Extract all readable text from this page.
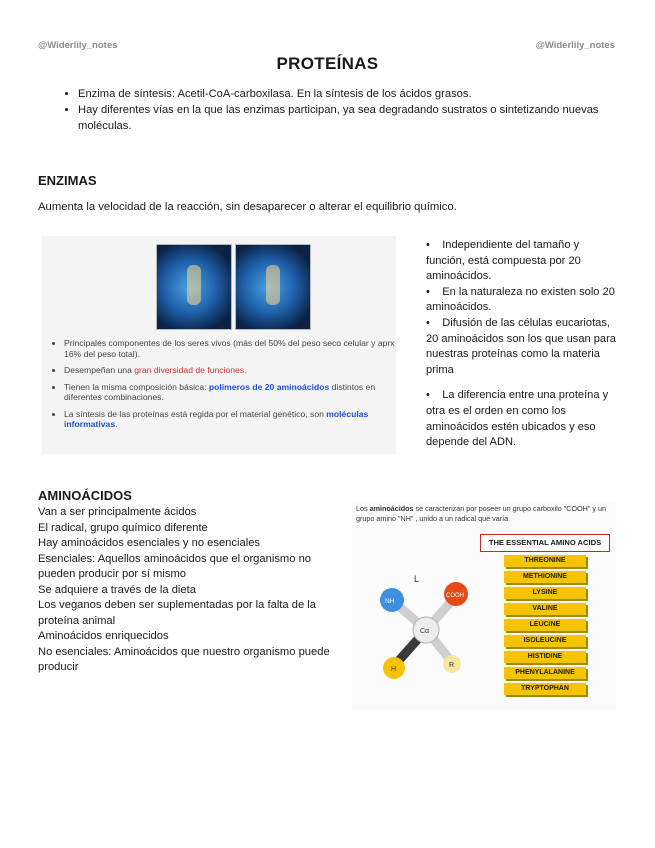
@Widerlily_notes	@Widerlily_notes
PROTEÍNAS
• Enzima de síntesis: Acetil-CoA-carboxilasa. En la síntesis de los ácidos grasos.
• Hay diferentes vías en la que las enzimas participan, ya sea degradando sustratos o sintetizando nuevas moléculas.
ENZIMAS
Aumenta la velocidad de la reacción, sin desaparecer o alterar el equilibrio químico.
• Principales componentes de los seres vivos (más del 50% del peso seco celular y aprx 16% del peso total).
• Desempeñan una gran diversidad de funciones.
• Tienen la misma composición básica: polimeros de 20 aminoácidos distintos en diferentes combinaciones.
• La síntesis de las proteínas está regida por el material genético, son moléculas informativas.

•    Independiente del tamaño y función, está compuesta por 20 aminoácidos.

•    En la naturaleza no existen solo 20 aminoácidos.

•    Difusión de las células eucariotas, 20 aminoácidos son los que usan para nuestras proteínas como la materia prima

•    La diferencia entre una proteína y otra es el orden en como los aminoácidos estén ubicados y eso depende del ADN.

AMINOÁCIDOS

Van a ser principalmente ácidos

El radical, grupo químico diferente

Hay aminoácidos esenciales y no esenciales

Esenciales: Aquellos aminoácidos que el organismo no pueden producir por sí mismo

Se adquiere a través de la dieta

Los veganos deben ser suplementadas por la falta de la proteína animal

Aminoácidos enriquecidos

No esenciales: Aminoácidos que nuestro organismo puede producir

Los aminoácidos se caracterizan por poseer un grupo carboxilo "COOH" y un grupo amino "NH" , unido a un radical que varía
L
NH
COOH
Cα
H
R
THE ESSENTIAL AMINO ACIDS
THREONINE
METHIONINE
LYSINE
VALINE
LEUCINE
ISOLEUCINE
HISTIDINE
PHENYLALANINE
TRYPTOPHAN
